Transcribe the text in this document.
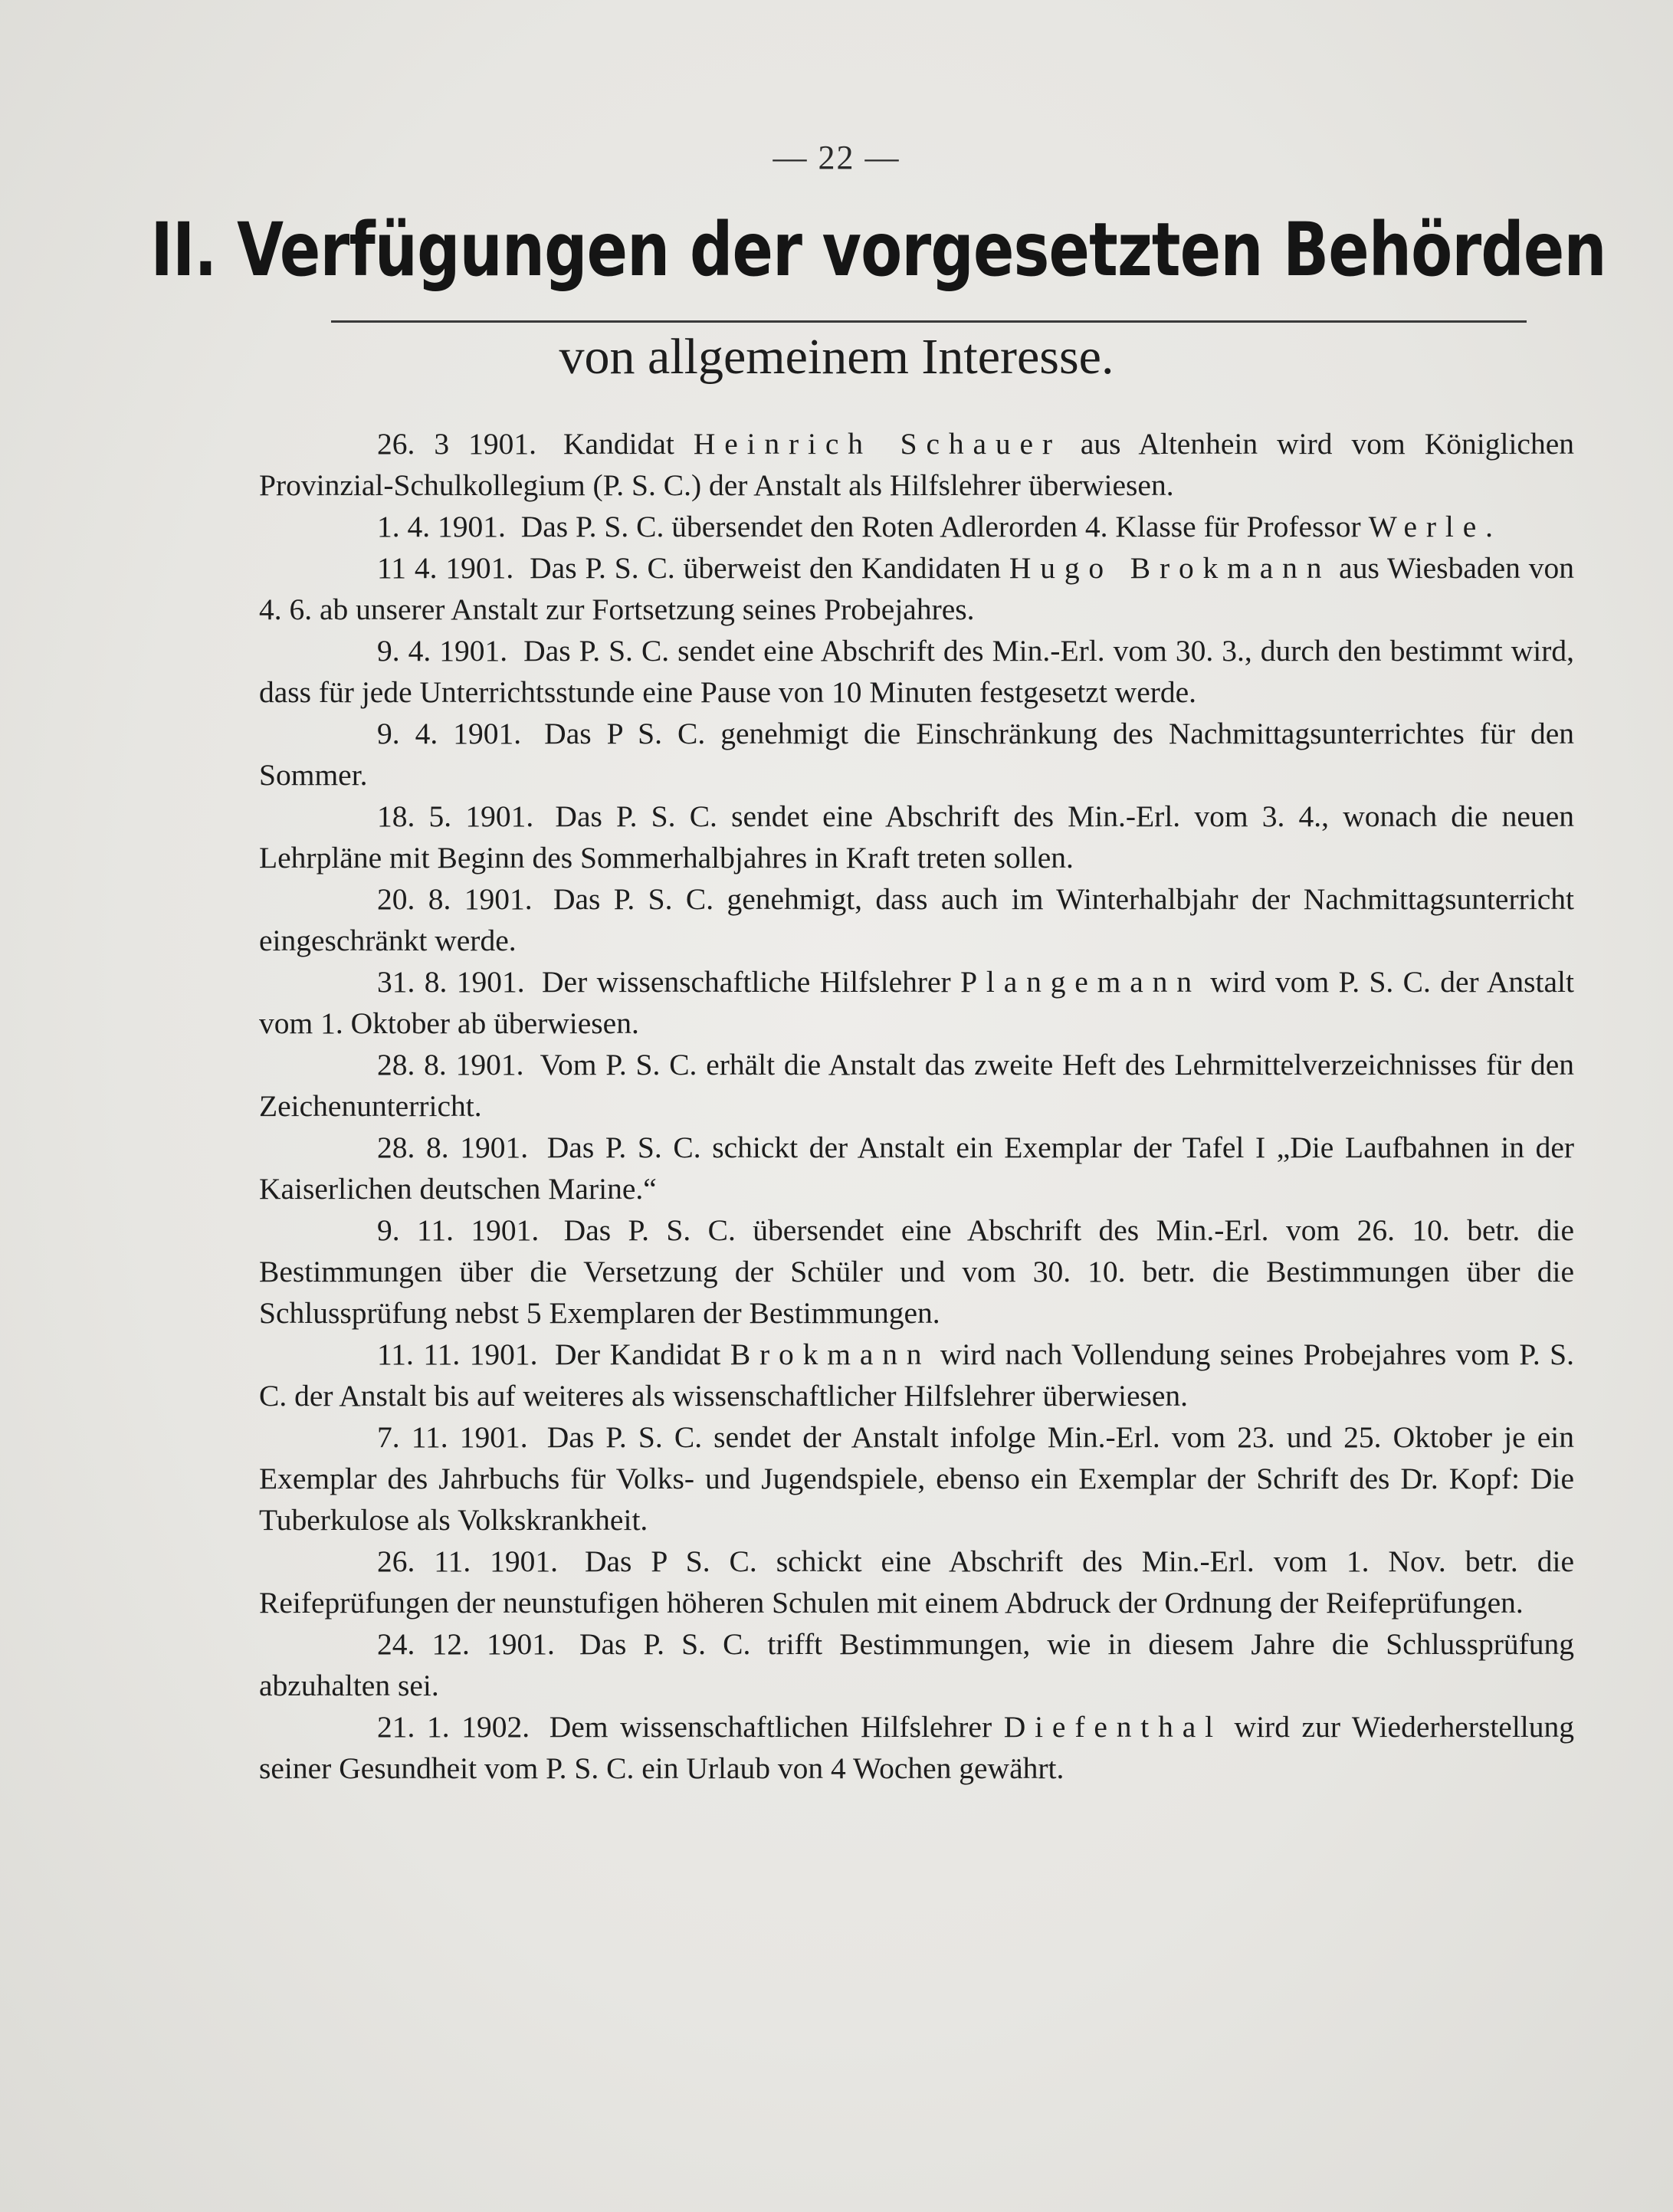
— 22 —
II. Verfügungen der vorgesetzten Behörden
von allgemeinem Interesse.

26. 3 1901. Kandidat Heinrich Schauer aus Altenhein wird vom Königlichen Provinzial-Schulkollegium (P. S. C.) der Anstalt als Hilfslehrer überwiesen.

1. 4. 1901. Das P. S. C. übersendet den Roten Adlerorden 4. Klasse für Professor Werle.

11 4. 1901. Das P. S. C. überweist den Kandidaten Hugo Brokmann aus Wiesbaden von 4. 6. ab unserer Anstalt zur Fortsetzung seines Probejahres.

9. 4. 1901. Das P. S. C. sendet eine Abschrift des Min.-Erl. vom 30. 3., durch den bestimmt wird, dass für jede Unterrichtsstunde eine Pause von 10 Minuten festgesetzt werde.

9. 4. 1901. Das P S. C. genehmigt die Einschränkung des Nachmittagsunterrichtes für den Sommer.

18. 5. 1901. Das P. S. C. sendet eine Abschrift des Min.-Erl. vom 3. 4., wonach die neuen Lehrpläne mit Beginn des Sommerhalbjahres in Kraft treten sollen.

20. 8. 1901. Das P. S. C. genehmigt, dass auch im Winterhalbjahr der Nachmittagsunterricht eingeschränkt werde.

31. 8. 1901. Der wissenschaftliche Hilfslehrer Plangemann wird vom P. S. C. der Anstalt vom 1. Oktober ab überwiesen.

28. 8. 1901. Vom P. S. C. erhält die Anstalt das zweite Heft des Lehrmittelverzeichnisses für den Zeichenunterricht.

28. 8. 1901. Das P. S. C. schickt der Anstalt ein Exemplar der Tafel I „Die Laufbahnen in der Kaiserlichen deutschen Marine.“

9. 11. 1901. Das P. S. C. übersendet eine Abschrift des Min.-Erl. vom 26. 10. betr. die Bestimmungen über die Versetzung der Schüler und vom 30. 10. betr. die Bestimmungen über die Schlussprüfung nebst 5 Exemplaren der Bestimmungen.

11. 11. 1901. Der Kandidat Brokmann wird nach Vollendung seines Probejahres vom P. S. C. der Anstalt bis auf weiteres als wissenschaftlicher Hilfslehrer überwiesen.

7. 11. 1901. Das P. S. C. sendet der Anstalt infolge Min.-Erl. vom 23. und 25. Oktober je ein Exemplar des Jahrbuchs für Volks- und Jugendspiele, ebenso ein Exemplar der Schrift des Dr. Kopf: Die Tuberkulose als Volkskrankheit.

26. 11. 1901. Das P S. C. schickt eine Abschrift des Min.-Erl. vom 1. Nov. betr. die Reifeprüfungen der neunstufigen höheren Schulen mit einem Abdruck der Ordnung der Reifeprüfungen.

24. 12. 1901. Das P. S. C. trifft Bestimmungen, wie in diesem Jahre die Schlussprüfung abzuhalten sei.

21. 1. 1902. Dem wissenschaftlichen Hilfslehrer Diefenthal wird zur Wiederherstellung seiner Gesundheit vom P. S. C. ein Urlaub von 4 Wochen gewährt.
